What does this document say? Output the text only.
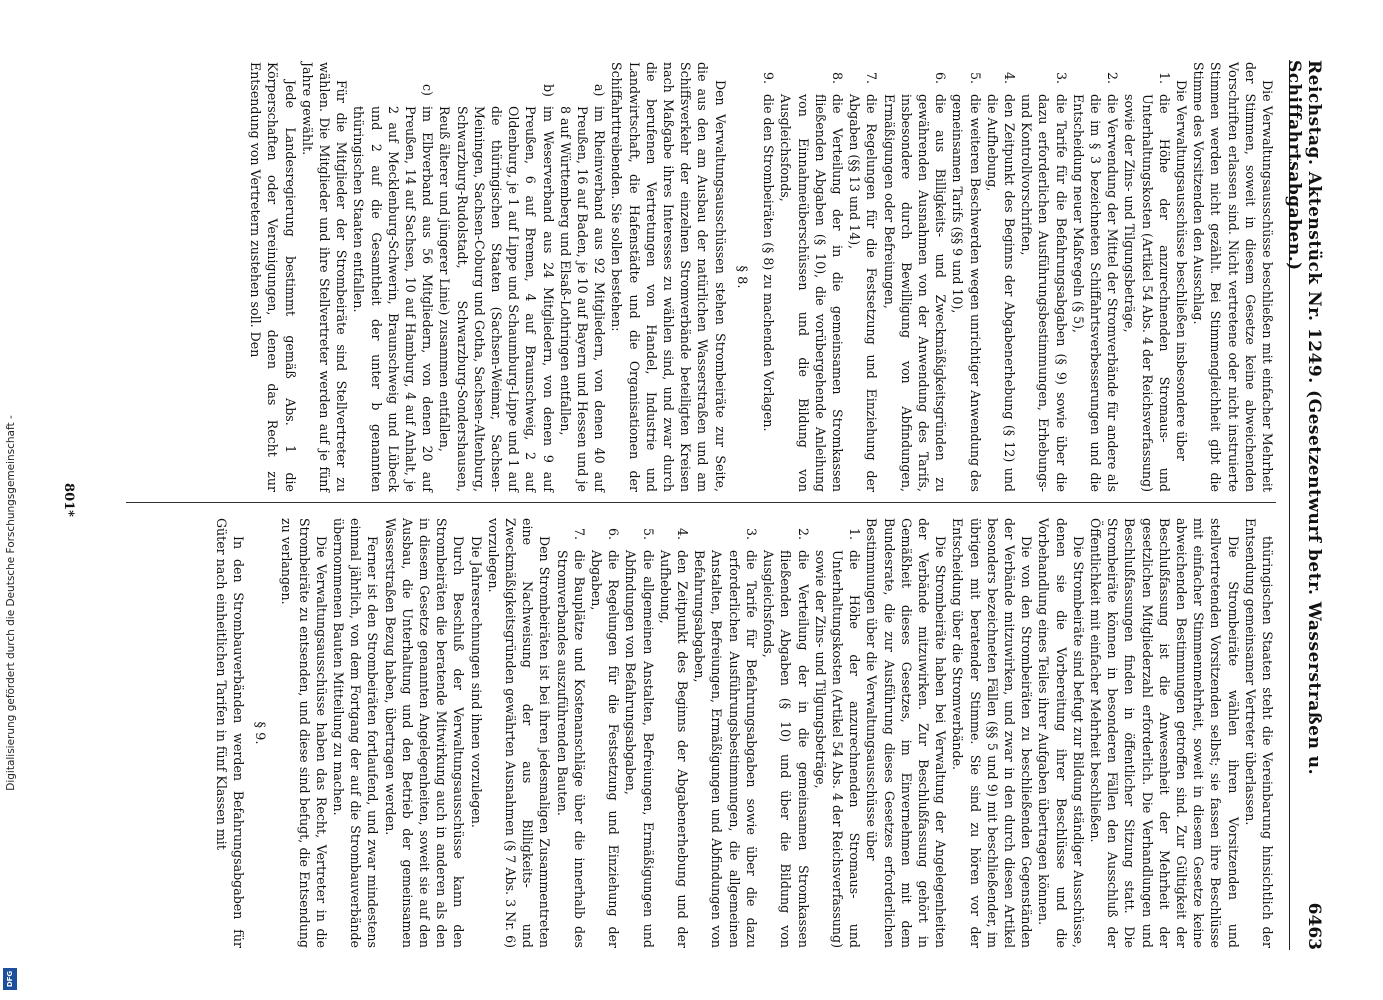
Digitalisierung gefördert durch die Deutsche Forschungsgemeinschaft -
DFG
Reichstag. Aktenstück Nr. 1249. (Gesetzentwurf betr. Wasserstraßen u. Schiffahrtsabgaben.)
6463

Die Verwaltungsausschüsse beschließen mit einfacher Mehrheit der Stimmen, soweit in diesem Gesetze keine abweichenden Vorschriften erlassen sind. Nicht vertretene oder nicht instruierte Stimmen werden nicht gezählt. Bei Stimmengleichheit gibt die Stimme des Vorsitzenden den Ausschlag.

Die Verwaltungsausschüsse beschließen insbesondere über

1.
die Höhe der anzurechnenden Stromaus- und Unterhaltungskosten (Artikel 54 Abs. 4 der Reichsverfassung) sowie der Zins- und Tilgungsbeträge,
2.
die Verwendung der Mittel der Stromverbände für andere als die im § 3 bezeichneten Schiffahrtsverbesserungen und die Entscheidung neuer Maßregeln (§ 5),
3.
die Tarife für die Befahrungsabgaben (§ 9) sowie über die dazu erforderlichen Ausführungsbestimmungen, Erhebungs- und Kontrollvorschriften,
4.
den Zeitpunkt des Beginns der Abgabenerhebung (§ 12) und die Aufhebung,
5.
die weiteren Beschwerden wegen unrichtiger Anwendung des gemeinsamen Tarifs (§§ 9 und 10),
6.
die aus Billigkeits- und Zweckmäßigkeitsgründen zu gewährenden Ausnahmen von der Anwendung des Tarifs, insbesondere durch Bewilligung von Abfindungen, Ermäßigungen oder Befreiungen,
7.
die Regelungen für die Festsetzung und Einziehung der Abgaben (§§ 13 und 14),
8.
die Verteilung der in die gemeinsamen Stromkassen fließenden Abgaben (§ 10), die vorübergehende Anleihung von Einnahmeüberschüssen und die Bildung von Ausgleichsfonds,
9.
die den Strombeiräten (§ 8) zu machenden Vorlagen.
§ 8.

Den Verwaltungsausschüssen stehen Strombeiräte zur Seite, die aus den am Ausbau der natürlichen Wasserstraßen und am Schiffsverkehr der einzelnen Stromverbände beteiligten Kreisen nach Maßgabe ihres Interesses zu wählen sind, und zwar durch die berufenen Vertretungen von Handel, Industrie und Landwirtschaft, die Hafenstädte und die Organisationen der Schiffahrttreibenden. Sie sollen bestehen:

a)
im Rheinverband aus 92 Mitgliedern, von denen 40 auf Preußen, 16 auf Baden, je 10 auf Bayern und Hessen und je 8 auf Württemberg und Elsaß-Lothringen entfallen,
b)
im Weserverband aus 24 Mitgliedern, von denen 9 auf Preußen, 6 auf Bremen, 4 auf Braunschweig, 2 auf Oldenburg, je 1 auf Lippe und Schaumburg-Lippe und 1 auf die thüringischen Staaten (Sachsen-Weimar, Sachsen-Meiningen, Sachsen-Coburg und Gotha, Sachsen-Altenburg, Schwarzburg-Rudolstadt, Schwarzburg-Sondershausen, Reuß älterer und jüngerer Linie) zusammen entfallen,
c)
im Elbverband aus 56 Mitgliedern, von denen 20 auf Preußen, 14 auf Sachsen, 10 auf Hamburg, 4 auf Anhalt, je 2 auf Mecklenburg-Schwerin, Braunschweig und Lübeck und 2 auf die Gesamtheit der unter b genannten thüringischen Staaten entfallen.

Für die Mitglieder der Strombeiräte sind Stellvertreter zu wählen. Die Mitglieder und ihre Stellvertreter werden auf je fünf Jahre gewählt.

Jede Landesregierung bestimmt gemäß Abs. 1 die Körperschaften oder Vereinigungen, denen das Recht zur Entsendung von Vertretern zustehen soll. Den

thüringischen Staaten steht die Vereinbarung hinsichtlich der Entsendung gemeinsamer Vertreter überlassen.

Die Strombeiräte wählen ihren Vorsitzenden und stellvertretenden Vorsitzenden selbst; sie fassen ihre Beschlüsse mit einfacher Stimmenmehrheit, soweit in diesem Gesetze keine abweichenden Bestimmungen getroffen sind. Zur Gültigkeit der Beschlußfassung ist die Anwesenheit der Mehrheit der gesetzlichen Mitgliederzahl erforderlich. Die Verhandlungen und Beschlußfassungen finden in öffentlicher Sitzung statt. Die Strombeiräte können in besonderen Fällen den Ausschluß der Öffentlichkeit mit einfacher Mehrheit beschließen.

Die Strombeiräte sind befugt zur Bildung ständiger Ausschüsse, denen sie die Vorbereitung ihrer Beschlüsse und die Vorbehandlung eines Teiles ihrer Aufgaben übertragen können.

Die von den Strombeiräten zu beschließenden Gegenständen der Verbände mitzuwirken, und zwar in den durch diesen Artikel besonders bezeichneten Fällen (§§ 5 und 9) mit beschließender, im übrigen mit beratender Stimme. Sie sind zu hören vor der Entscheidung über die Stromverbände.

Die Strombeiräte haben bei Verwaltung der Angelegenheiten der Verbände mitzuwirken. Zur Beschlußfassung gehört in Gemäßheit dieses Gesetzes, im Einvernehmen mit dem Bundesrate, die zur Ausführung dieses Gesetzes erforderlichen Bestimmungen über die Verwaltungsausschüsse über

1.
die Höhe der anzurechnenden Stromaus- und Unterhaltungskosten (Artikel 54 Abs. 4 der Reichsverfassung) sowie der Zins- und Tilgungsbeträge,
2.
die Verteilung der in die gemeinsamen Stromkassen fließenden Abgaben (§ 10) und über die Bildung von Ausgleichsfonds,
3.
die Tarife für Befahrungsabgaben sowie über die dazu erforderlichen Ausführungsbestimmungen, die allgemeinen Anstalten, Befreiungen, Ermäßigungen und Abfindungen von Befahrungsabgaben,
4.
den Zeitpunkt des Beginns der Abgabenerhebung und der Aufhebung,
5.
die allgemeinen Anstalten, Befreiungen, Ermäßigungen und Abfindungen von Befahrungsabgaben,
6.
die Regelungen für die Festsetzung und Einziehung der Abgaben,
7.
die Bauplätze und Kostenanschläge über die innerhalb des Stromverbandes auszuführenden Bauten.

Den Strombeiräten ist bei ihren jedesmaligen Zusammentreten eine Nachweisung der aus Billigkeits- und Zweckmäßigkeitsgründen gewährten Ausnahmen (§ 7 Abs. 3 Nr. 6) vorzulegen.

Die Jahresrechnungen sind ihnen vorzulegen.

Durch Beschluß der Verwaltungsausschüsse kann den Strombeiräten die beratende Mitwirkung auch in anderen als den in diesem Gesetze genannten Angelegenheiten, soweit sie auf den Ausbau, die Unterhaltung und den Betrieb der gemeinsamen Wasserstraßen Bezug haben, übertragen werden.

Ferner ist den Strombeiräten fortlaufend, und zwar mindestens einmal jährlich, von dem Fortgang der auf die Strombauverbände übernommenen Bauten Mitteilung zu machen.

Die Verwaltungsausschüsse haben das Recht, Vertreter in die Strombeiräte zu entsenden, und diese sind befugt, die Entsendung zu verlangen.

§ 9.

In den Strombauverbänden werden Befahrungsabgaben für Güter nach einheitlichen Tarifen in fünf Klassen mit

801*
